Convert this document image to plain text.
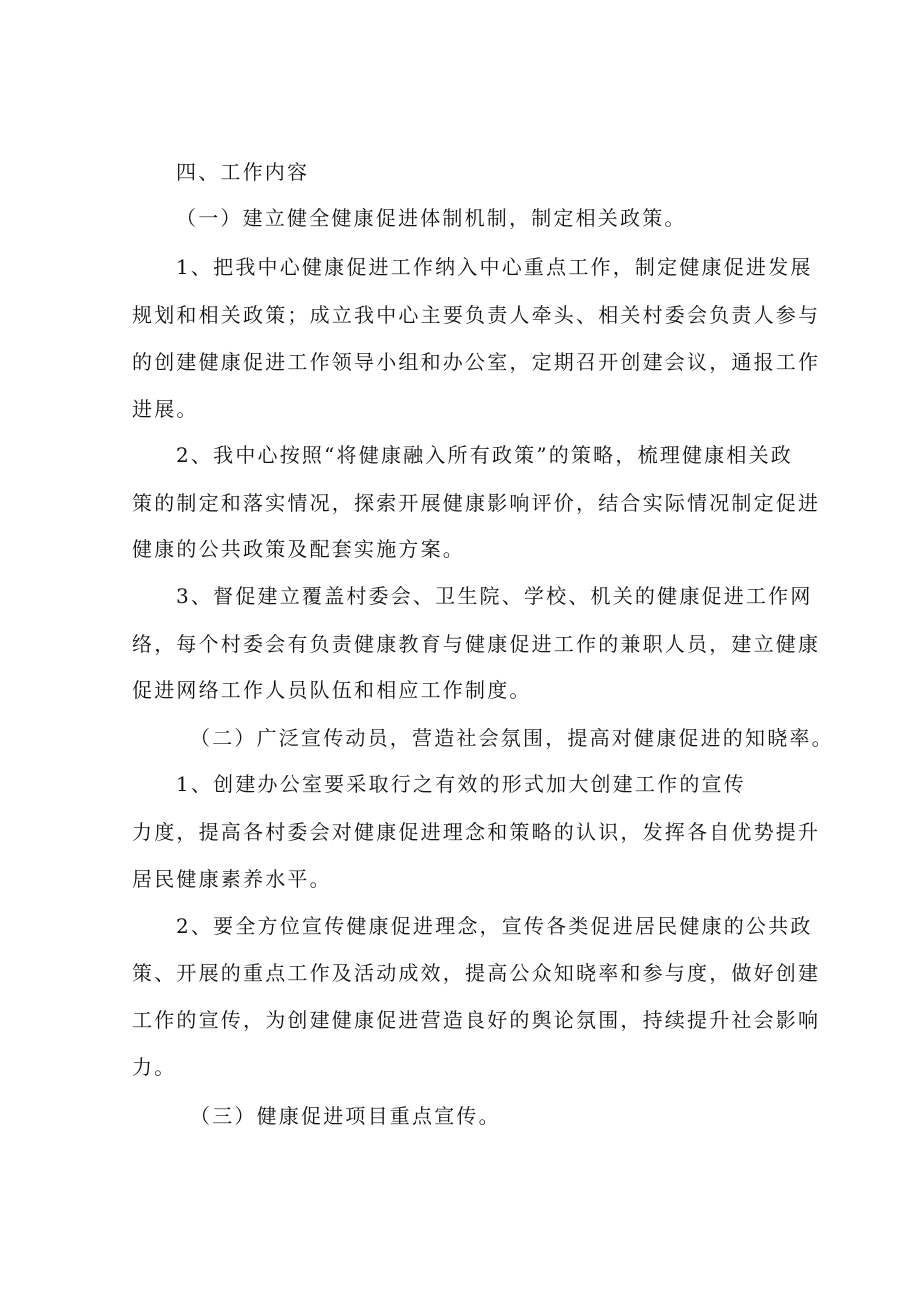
四、工作内容

（一）建立健全健康促进体制机制，制定相关政策。

1、把我中心健康促进工作纳入中心重点工作，制定健康促进发展

规划和相关政策；成立我中心主要负责人牵头、相关村委会负责人参与

的创建健康促进工作领导小组和办公室，定期召开创建会议，通报工作

进展。

2、我中心按照“将健康融入所有政策”的策略，梳理健康相关政

策的制定和落实情况，探索开展健康影响评价，结合实际情况制定促进

健康的公共政策及配套实施方案。

3、督促建立覆盖村委会、卫生院、学校、机关的健康促进工作网

络，每个村委会有负责健康教育与健康促进工作的兼职人员，建立健康

促进网络工作人员队伍和相应工作制度。

（二）广泛宣传动员，营造社会氛围，提高对健康促进的知晓率。

1、创建办公室要采取行之有效的形式加大创建工作的宣传

力度，提高各村委会对健康促进理念和策略的认识，发挥各自优势提升

居民健康素养水平。

2、要全方位宣传健康促进理念，宣传各类促进居民健康的公共政

策、开展的重点工作及活动成效，提高公众知晓率和参与度，做好创建

工作的宣传，为创建健康促进营造良好的舆论氛围，持续提升社会影响

力。

（三）健康促进项目重点宣传。
